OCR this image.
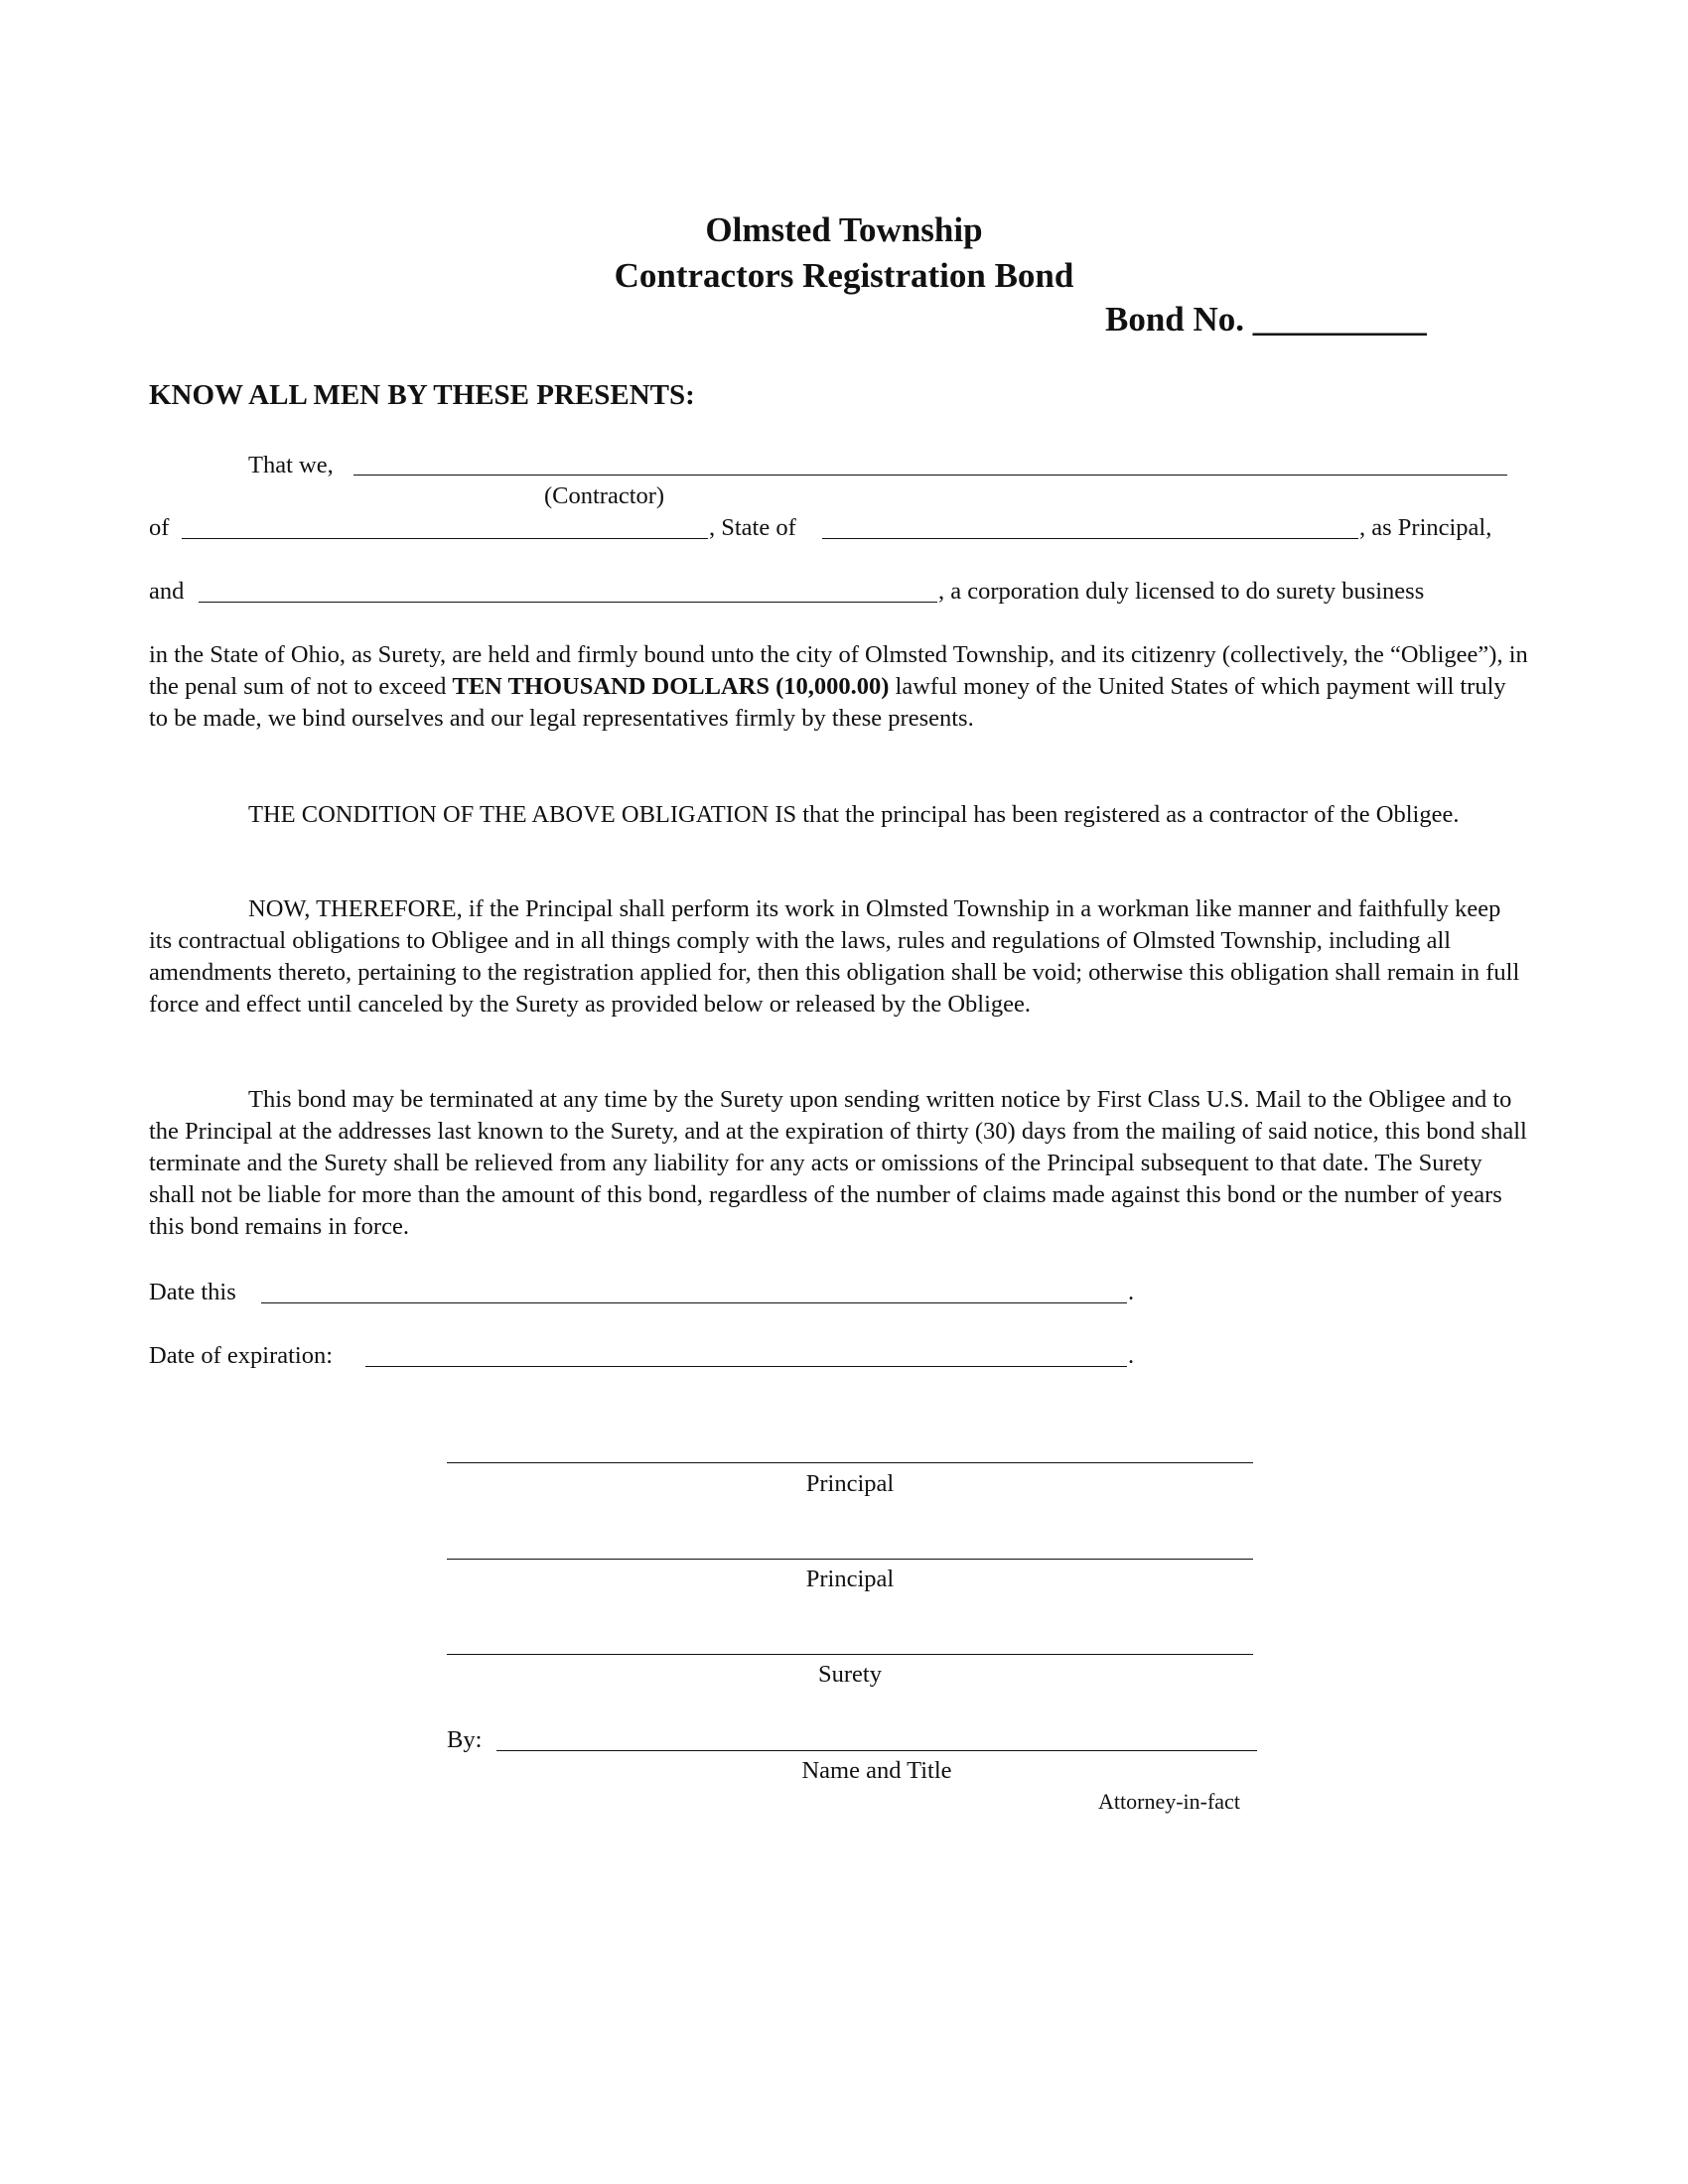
Olmsted Township
Contractors Registration Bond
Bond No. __________
KNOW ALL MEN BY THESE PRESENTS:
That we,
(Contractor)
of	, State of	, as Principal,
and	, a corporation duly licensed to do surety business
in the State of Ohio, as Surety, are held and firmly bound unto the city of Olmsted Township, and its citizenry (collectively, the “Obligee”), in the penal sum of not to exceed TEN THOUSAND DOLLARS (10,000.00) lawful money of the United States of which payment will truly to be made, we bind ourselves and our legal representatives firmly by these presents.
THE CONDITION OF THE ABOVE OBLIGATION IS that the principal has been registered as a contractor of the Obligee.
NOW, THEREFORE, if the Principal shall perform its work in Olmsted Township in a workman like manner and faithfully keep its contractual obligations to Obligee and in all things comply with the laws, rules and regulations of Olmsted Township, including all amendments thereto, pertaining to the registration applied for, then this obligation shall be void; otherwise this obligation shall remain in full force and effect until canceled by the Surety as provided below or released by the Obligee.
This bond may be terminated at any time by the Surety upon sending written notice by First Class U.S. Mail to the Obligee and to the Principal at the addresses last known to the Surety, and at the expiration of thirty (30) days from the mailing of said notice, this bond shall terminate and the Surety shall be relieved from any liability for any acts or omissions of the Principal subsequent to that date. The Surety shall not be liable for more than the amount of this bond, regardless of the number of claims made against this bond or the number of years this bond remains in force.
Date this	.
Date of expiration:	.
Principal
Principal
Surety
By:
Name and Title
Attorney-in-fact
